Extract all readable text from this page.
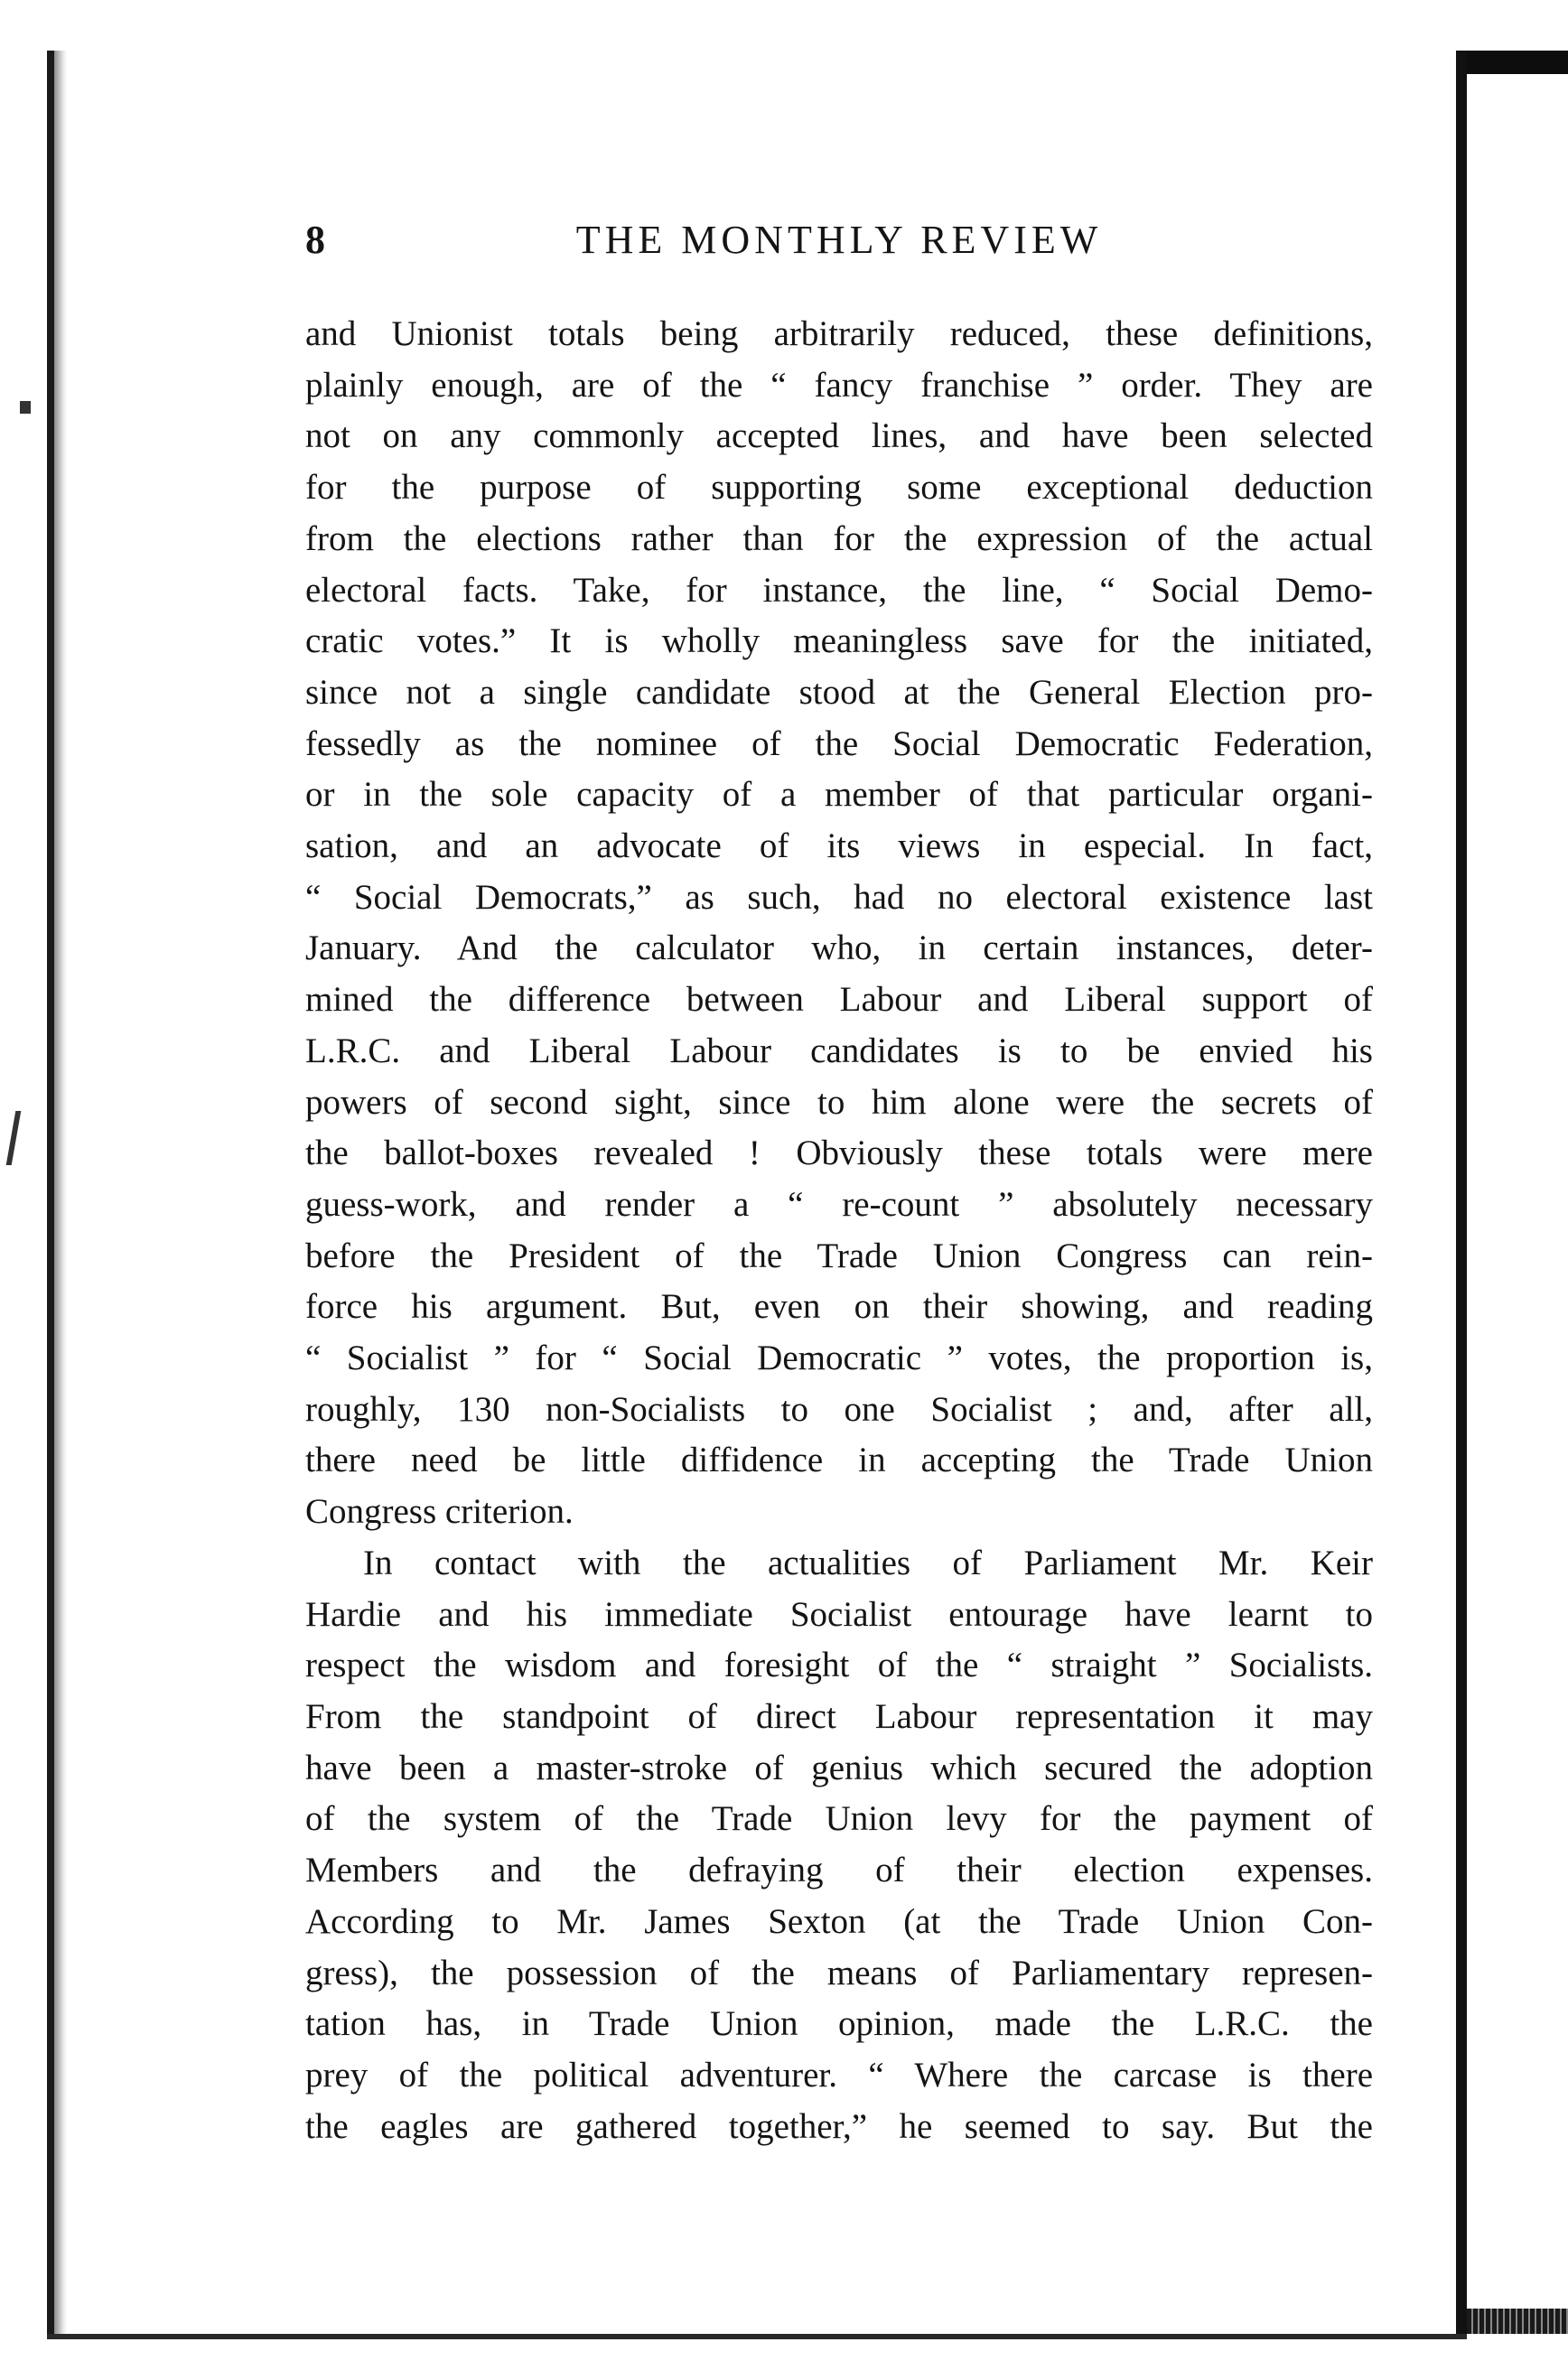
8	THE MONTHLY REVIEW
and Unionist totals being arbitrarily reduced, these definitions,
plainly enough, are of the “ fancy franchise ” order. They are
not on any commonly accepted lines, and have been selected
for the purpose of supporting some exceptional deduction
from the elections rather than for the expression of the actual
electoral facts. Take, for instance, the line, “ Social Demo-
cratic votes.” It is wholly meaningless save for the initiated,
since not a single candidate stood at the General Election pro-
fessedly as the nominee of the Social Democratic Federation,
or in the sole capacity of a member of that particular organi-
sation, and an advocate of its views in especial. In fact,
“ Social Democrats,” as such, had no electoral existence last
January. And the calculator who, in certain instances, deter-
mined the difference between Labour and Liberal support of
L.R.C. and Liberal Labour candidates is to be envied his
powers of second sight, since to him alone were the secrets of
the ballot-boxes revealed ! Obviously these totals were mere
guess-work, and render a “ re-count ” absolutely necessary
before the President of the Trade Union Congress can rein-
force his argument. But, even on their showing, and reading
“ Socialist ” for “ Social Democratic ” votes, the proportion is,
roughly, 130 non-Socialists to one Socialist ; and, after all,
there need be little diffidence in accepting the Trade Union
Congress criterion.
In contact with the actualities of Parliament Mr. Keir
Hardie and his immediate Socialist entourage have learnt to
respect the wisdom and foresight of the “ straight ” Socialists.
From the standpoint of direct Labour representation it may
have been a master-stroke of genius which secured the adoption
of the system of the Trade Union levy for the payment of
Members and the defraying of their election expenses.
According to Mr. James Sexton (at the Trade Union Con-
gress), the possession of the means of Parliamentary represen-
tation has, in Trade Union opinion, made the L.R.C. the
prey of the political adventurer. “ Where the carcase is there
the eagles are gathered together,” he seemed to say. But the
